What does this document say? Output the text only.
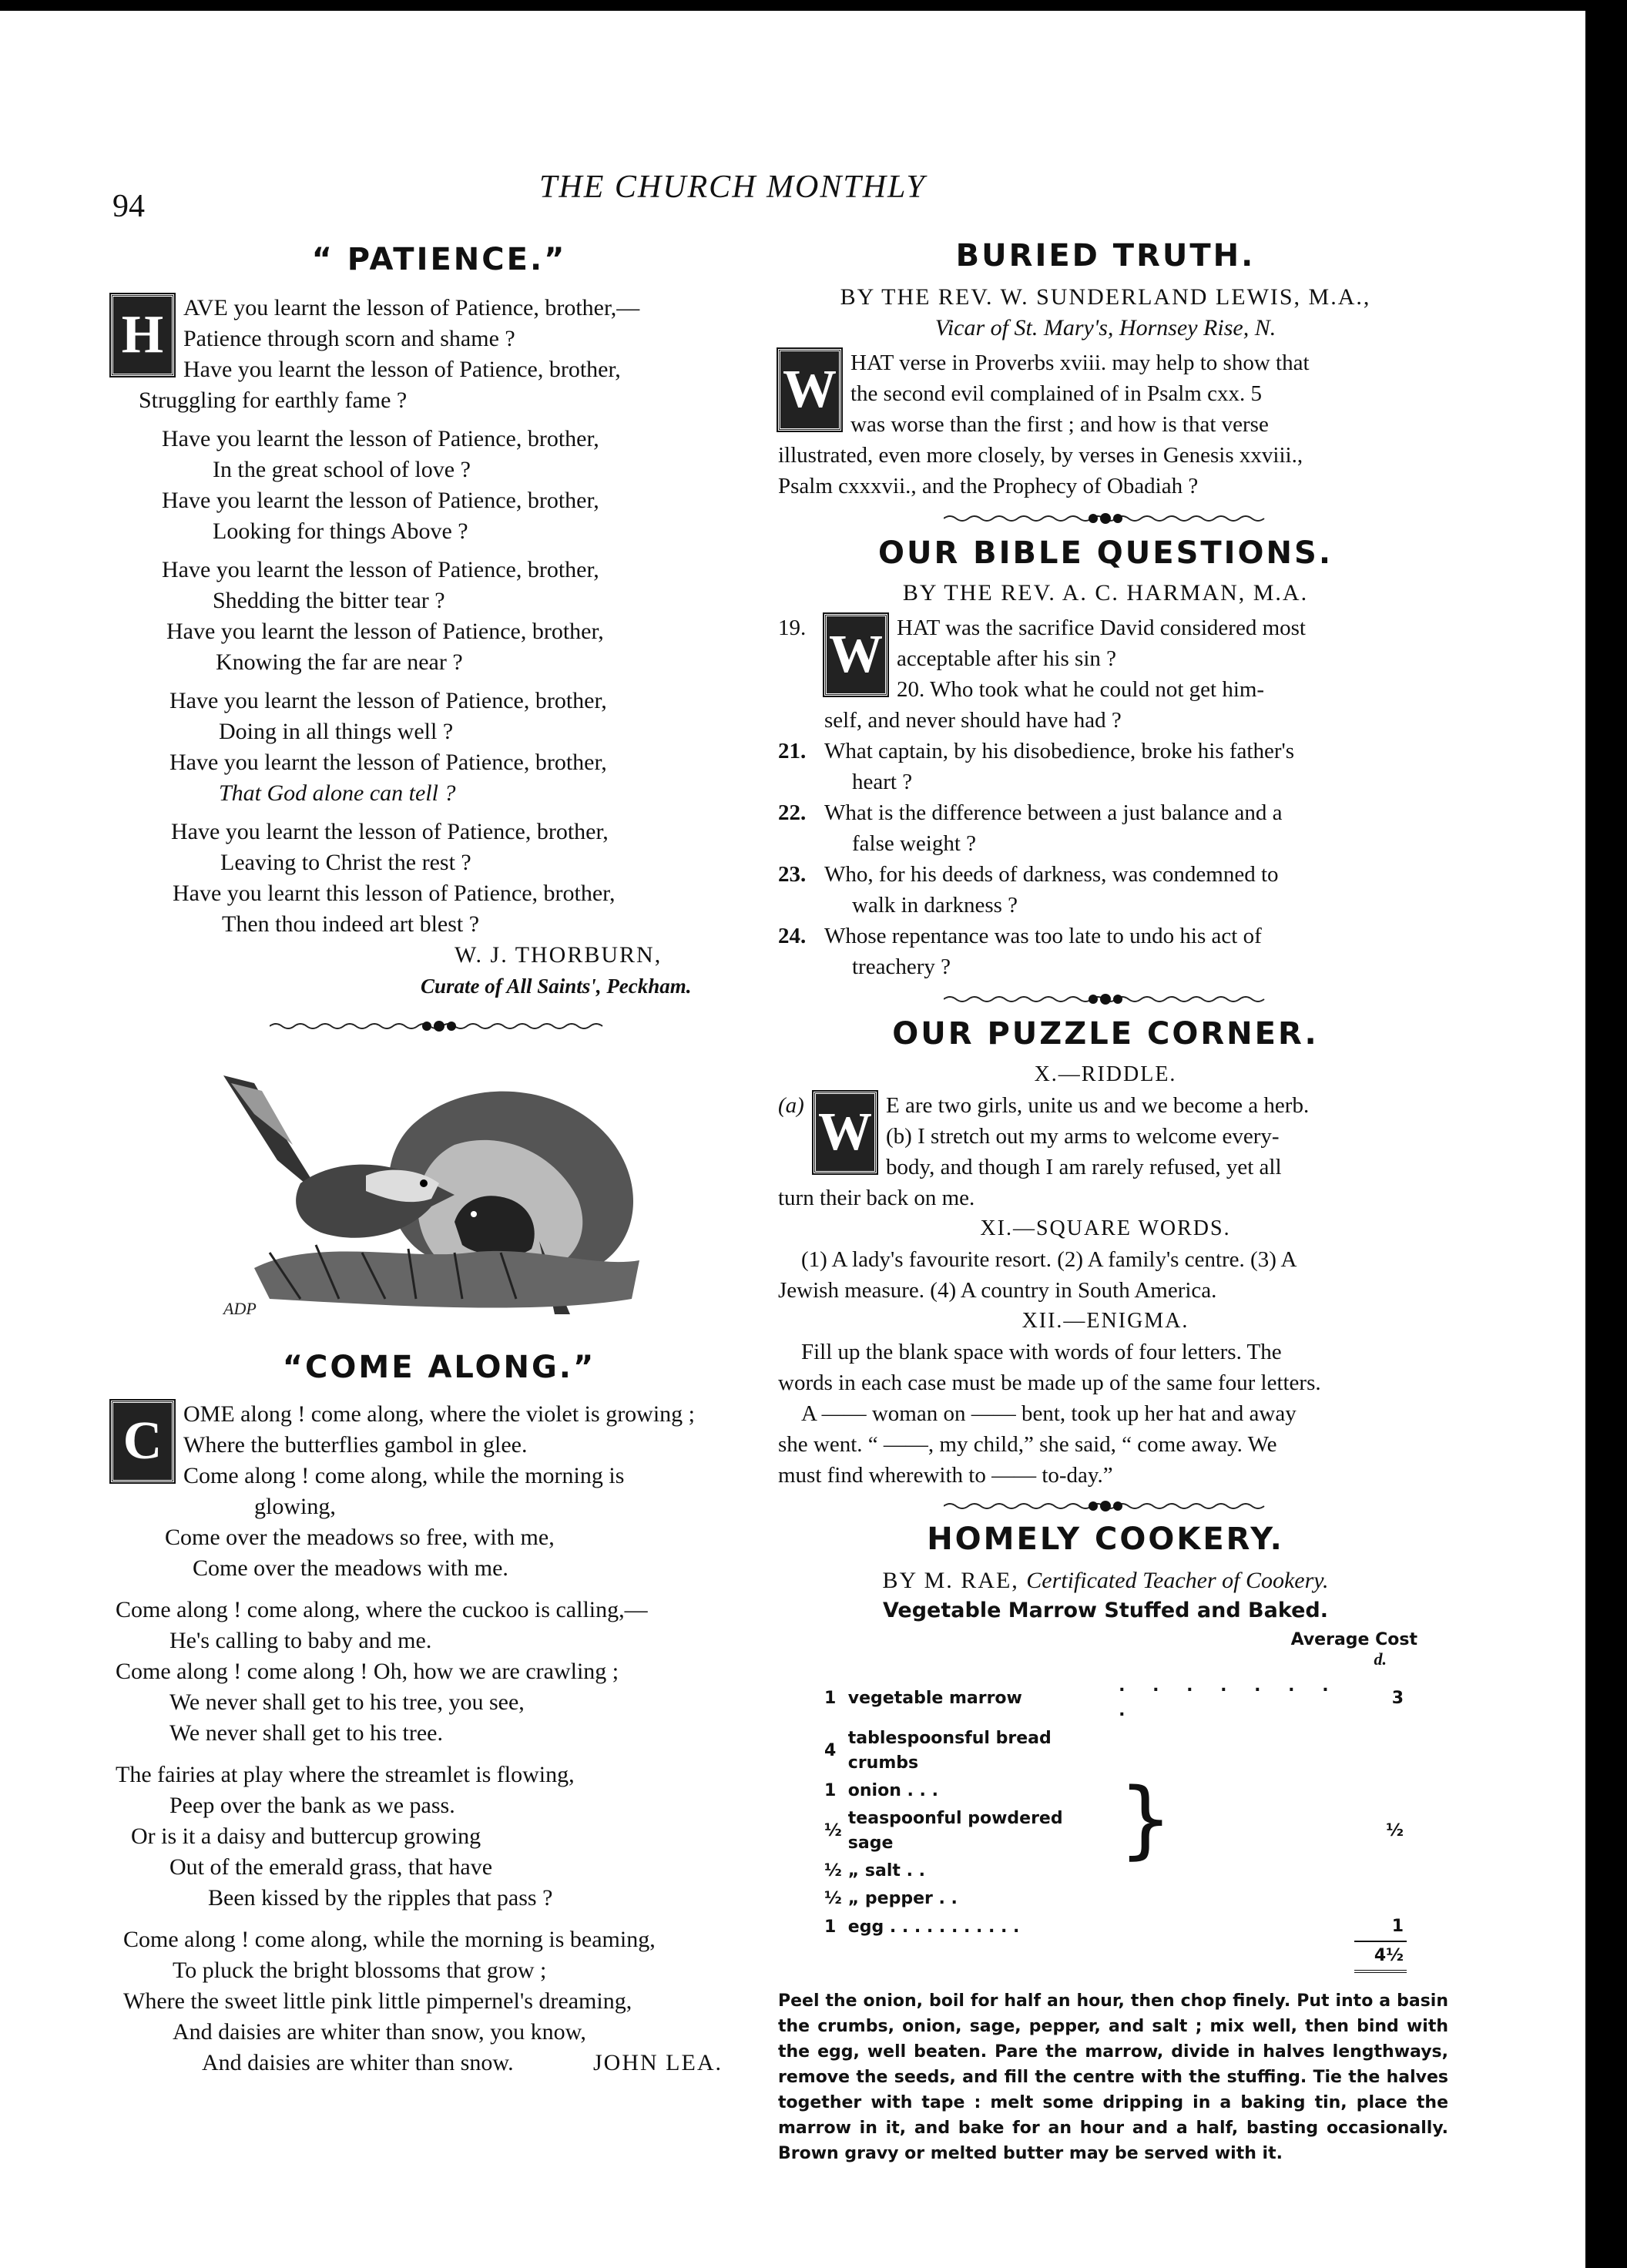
94
THE CHURCH MONTHLY
“ PATIENCE.”
H AVE you learnt the lesson of Patience, brother,—
Patience through scorn and shame ?
Have you learnt the lesson of Patience, brother,
Struggling for earthly fame ?
Have you learnt the lesson of Patience, brother,
In the great school of love ?
Have you learnt the lesson of Patience, brother,
Looking for things Above ?
Have you learnt the lesson of Patience, brother,
Shedding the bitter tear ?
Have you learnt the lesson of Patience, brother,
Knowing the far are near ?
Have you learnt the lesson of Patience, brother,
Doing in all things well ?
Have you learnt the lesson of Patience, brother,
That God alone can tell ?
Have you learnt the lesson of Patience, brother,
Leaving to Christ the rest ?
Have you learnt this lesson of Patience, brother,
Then thou indeed art blest ?
W. J. THORBURN,
Curate of All Saints', Peckham.
ADP
“COME ALONG.”
C OME along ! come along, where the violet is growing ;
Where the butterflies gambol in glee.
Come along ! come along, while the morning is
glowing,
Come over the meadows so free, with me,
Come over the meadows with me.
Come along ! come along, where the cuckoo is calling,—
He's calling to baby and me.
Come along ! come along ! Oh, how we are crawling ;
We never shall get to his tree, you see,
We never shall get to his tree.
The fairies at play where the streamlet is flowing,
Peep over the bank as we pass.
Or is it a daisy and buttercup growing
Out of the emerald grass, that have
Been kissed by the ripples that pass ?
Come along ! come along, while the morning is beaming,
To pluck the bright blossoms that grow ;
Where the sweet little pink little pimpernel's dreaming,
And daisies are whiter than snow, you know,
And daisies are whiter than snow.	JOHN LEA.
BURIED TRUTH.
BY THE REV. W. SUNDERLAND LEWIS, M.A.,
Vicar of St. Mary's, Hornsey Rise, N.
W HAT verse in Proverbs xviii. may help to show that
the second evil complained of in Psalm cxx. 5
was worse than the first ; and how is that verse
illustrated, even more closely, by verses in Genesis xxviii.,
Psalm cxxxvii., and the Prophecy of Obadiah ?
OUR BIBLE QUESTIONS.
BY THE REV. A. C. HARMAN, M.A.
19. W HAT was the sacrifice David considered most
acceptable after his sin ?
20. Who took what he could not get him-
self, and never should have had ?
21. What captain, by his disobedience, broke his father's
heart ?
22. What is the difference between a just balance and a
false weight ?
23. Who, for his deeds of darkness, was condemned to
walk in darkness ?
24. Whose repentance was too late to undo his act of
treachery ?
OUR PUZZLE CORNER.
X.—RIDDLE.
(a) W E are two girls, unite us and we become a herb.
(b) I stretch out my arms to welcome every-
body, and though I am rarely refused, yet all
turn their back on me.
XI.—SQUARE WORDS.
(1) A lady's favourite resort. (2) A family's centre. (3) A
Jewish measure. (4) A country in South America.
XII.—ENIGMA.
Fill up the blank space with words of four letters. The
words in each case must be made up of the same four letters.
A —— woman on —— bent, took up her hat and away
she went. “ ——, my child,” she said, “ come away. We
must find wherewith to —— to-day.”
HOMELY COOKERY.
BY M. RAE, Certificated Teacher of Cookery.
Vegetable Marrow Stuffed and Baked.
Average Cost
d.
1	vegetable marrow	. . . . . . . .	3
4	tablespoonsful bread crumbs	}	
1	onion . . .		
½	teaspoonful powdered sage		½
½	„ salt . .		
½	„ pepper . .		
1	egg . . . . . . . . . . .		1
			4½
Peel the onion, boil for half an hour, then chop finely. Put into a basin the crumbs, onion, sage, pepper, and salt ; mix well, then bind with the egg, well beaten. Pare the marrow, divide in halves lengthways, remove the seeds, and fill the centre with the stuffing. Tie the halves together with tape : melt some dripping in a baking tin, place the marrow in it, and bake for an hour and a half, basting occasionally. Brown gravy or melted butter may be served with it.
